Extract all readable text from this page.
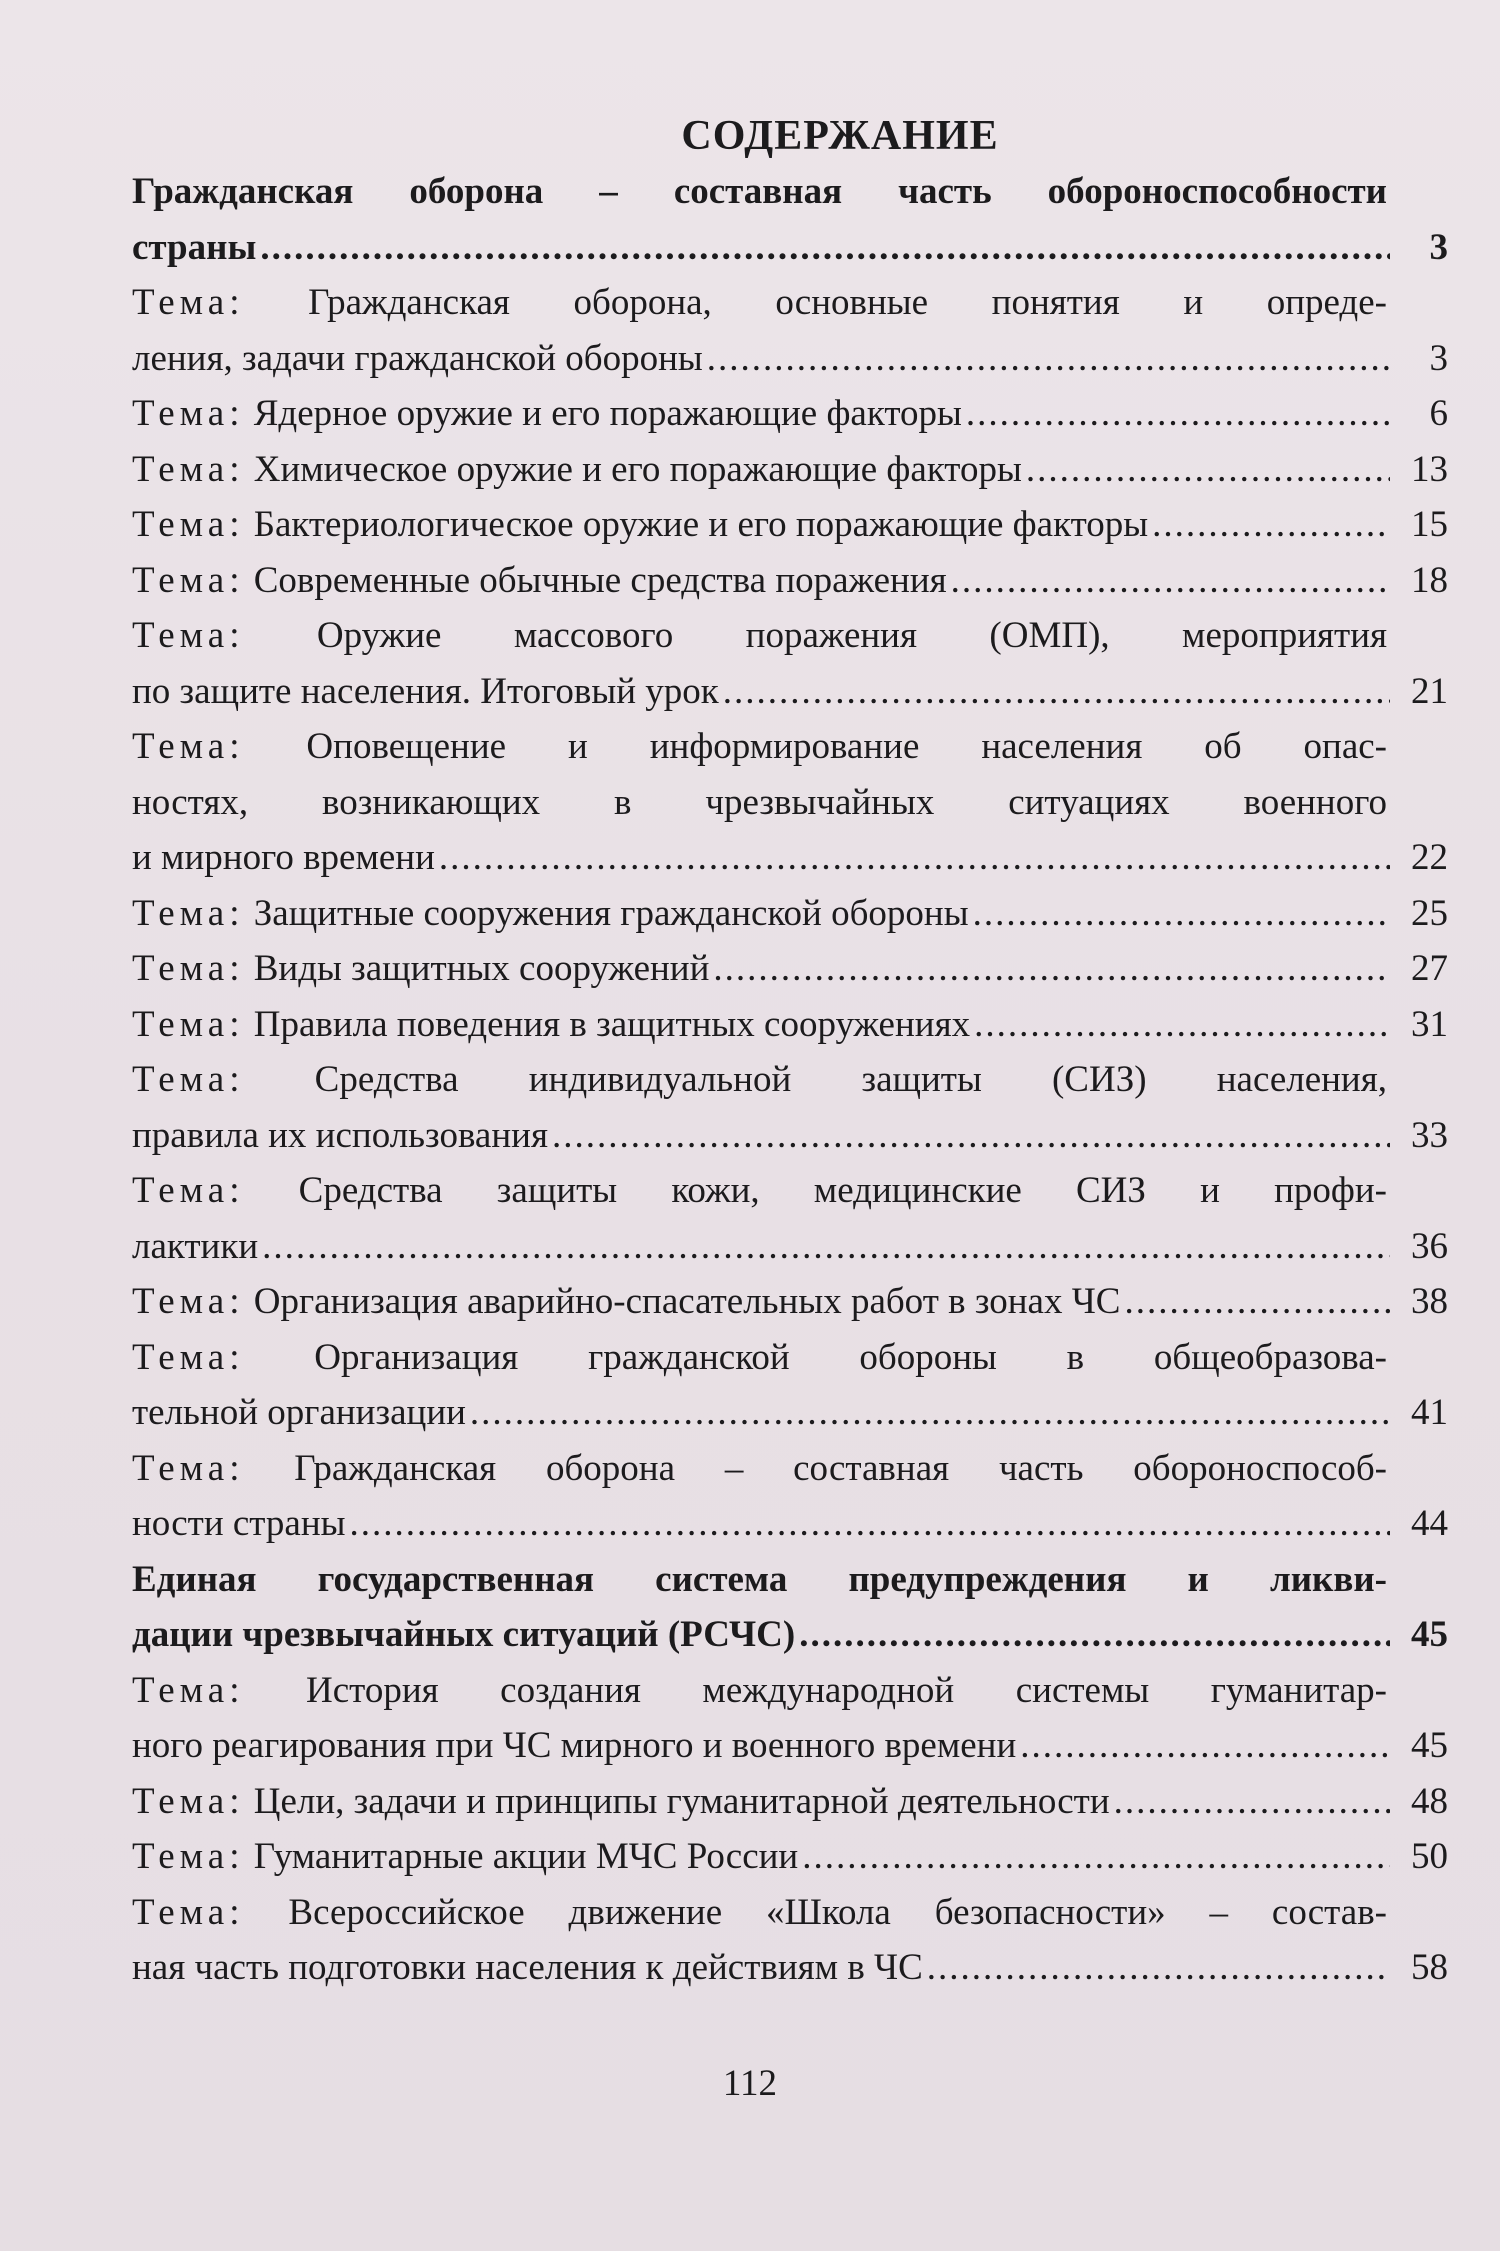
СОДЕРЖАНИЕ
Гражданская оборона – составная часть обороноспособности
страны .....	3
Тема: Гражданская оборона, основные понятия и опреде-
ления, задачи гражданской обороны .....	3
Тема: Ядерное оружие и его поражающие факторы .....	6
Тема: Химическое оружие и его поражающие факторы .....	13
Тема: Бактериологическое оружие и его поражающие факторы .....	15
Тема: Современные обычные средства поражения .....	18
Тема: Оружие массового поражения (ОМП), мероприятия
по защите населения. Итоговый урок .....	21
Тема: Оповещение и информирование населения об опас-
ностях, возникающих в чрезвычайных ситуациях военного
и мирного времени .....	22
Тема: Защитные сооружения гражданской обороны .....	25
Тема: Виды защитных сооружений .....	27
Тема: Правила поведения в защитных сооружениях .....	31
Тема: Средства индивидуальной защиты (СИЗ) населения,
правила их использования .....	33
Тема: Средства защиты кожи, медицинские СИЗ и профи-
лактики .....	36
Тема: Организация аварийно-спасательных работ в зонах ЧС .....	38
Тема: Организация гражданской обороны в общеобразова-
тельной организации .....	41
Тема: Гражданская оборона – составная часть обороноспособ-
ности страны .....	44
Единая государственная система предупреждения и ликви-
дации чрезвычайных ситуаций (РСЧС) .....	45
Тема: История создания международной системы гуманитар-
ного реагирования при ЧС мирного и военного времени .....	45
Тема: Цели, задачи и принципы гуманитарной деятельности .....	48
Тема: Гуманитарные акции МЧС России .....	50
Тема: Всероссийское движение «Школа безопасности» – состав-
ная часть подготовки населения к действиям в ЧС .....	58
112
